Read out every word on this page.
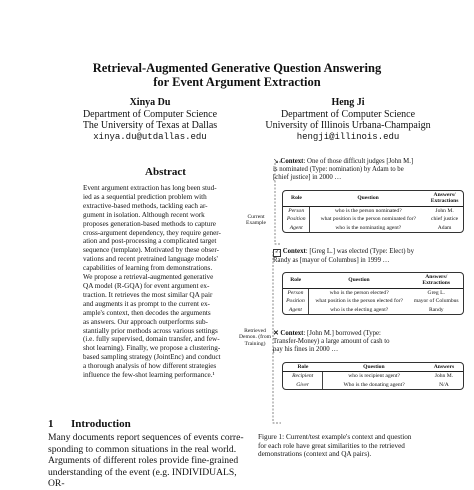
Retrieval-Augmented Generative Question Answering
for Event Argument Extraction
Xinya Du
Department of Computer Science
The University of Texas at Dallas
xinya.du@utdallas.edu
Heng Ji
Department of Computer Science
University of Illinois Urbana-Champaign
hengji@illinois.edu
Abstract
Event argument extraction has long been stud-
ied as a sequential prediction problem with
extractive-based methods, tackling each ar-
gument in isolation. Although recent work
proposes generation-based methods to capture
cross-argument dependency, they require gener-
ation and post-processing a complicated target
sequence (template). Motivated by these obser-
vations and recent pretrained language models'
capabilities of learning from demonstrations.
We propose a retrieval-augmented generative
QA model (R-GQA) for event argument ex-
traction. It retrieves the most similar QA pair
and augments it as prompt to the current ex-
ample's context, then decodes the arguments
as answers. Our approach outperforms sub-
stantially prior methods across various settings
(i.e. fully supervised, domain transfer, and few-
shot learning). Finally, we propose a clustering-
based sampling strategy (JointEnc) and conduct
a thorough analysis of how different strategies
influence the few-shot learning performance.¹
1 Introduction
Many documents report sequences of events corre-
sponding to common situations in the real world.
Arguments of different roles provide fine-grained
understanding of the event (e.g. INDIVIDUALS, OR-
↘ Context: One of those difficult judges [John M.]
is nominated (Type: nomination) by Adam to be
[chief justice] in 2000 …
Role	Question	Answers/
Extractions
Person	who is the person nominated?	John M.
Position	what position is the person nominated for?	chief justice
Agent	who is the nominating agent?	Adam
Current
Example
✓ Context: [Greg L.] was elected (Type: Elect) by
Randy as [mayor of Columbus] in 1999 …
Role	Question	Answers/
Extractions
Person	who is the person elected?	Greg L.
Position	what position is the person elected for?	mayor of Columbus
Agent	who is the electing agent?	Randy
Retrieved
Demon. (from
Training)
✕ Context: [John M.] borrowed (Type:
Transfer-Money) a large amount of cash to
pay his fines in 2000 …
Role	Question	Answers
Recipient	who is recipient agent?	John M.
Giver	Who is the donating agent?	N/A
Figure 1: Current/test example's context and question
for each role have great similarities to the retrieved
demonstrations (context and QA pairs).
